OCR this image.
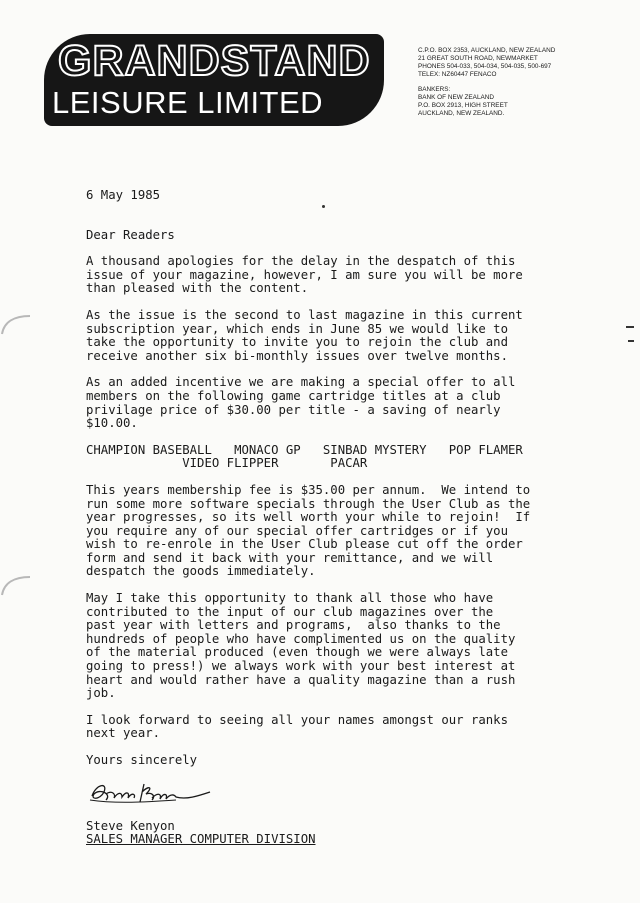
GRANDSTAND
LEISURE LIMITED
C.P.O. BOX 2353, AUCKLAND, NEW ZEALAND
21 GREAT SOUTH ROAD, NEWMARKET
PHONES 504-033, 504-034, 504-035, 500-697
TELEX: NZ60447 FENACO
BANKERS:
BANK OF NEW ZEALAND
P.O. BOX 2913, HIGH STREET
AUCKLAND, NEW ZEALAND.

6 May 1985

Dear Readers

A thousand apologies for the delay in the despatch of this
issue of your magazine, however, I am sure you will be more
than pleased with the content.

As the issue is the second to last magazine in this current
subscription year, which ends in June 85 we would like to
take the opportunity to invite you to rejoin the club and
receive another six bi-monthly issues over twelve months.

As an added incentive we are making a special offer to all
members on the following game cartridge titles at a club
privilage price of $30.00 per title - a saving of nearly
$10.00.

CHAMPION BASEBALL   MONACO GP   SINBAD MYSTERY   POP FLAMER
VIDEO FLIPPER       PACAR

This years membership fee is $35.00 per annum.  We intend to
run some more software specials through the User Club as the
year progresses, so its well worth your while to rejoin!  If
you require any of our special offer cartridges or if you
wish to re-enrole in the User Club please cut off the order
form and send it back with your remittance, and we will
despatch the goods immediately.

May I take this opportunity to thank all those who have
contributed to the input of our club magazines over the
past year with letters and programs,  also thanks to the
hundreds of people who have complimented us on the quality
of the material produced (even though we were always late
going to press!) we always work with your best interest at
heart and would rather have a quality magazine than a rush
job.

I look forward to seeing all your names amongst our ranks
next year.

Yours sincerely

Steve Kenyon

SALES MANAGER COMPUTER DIVISION
